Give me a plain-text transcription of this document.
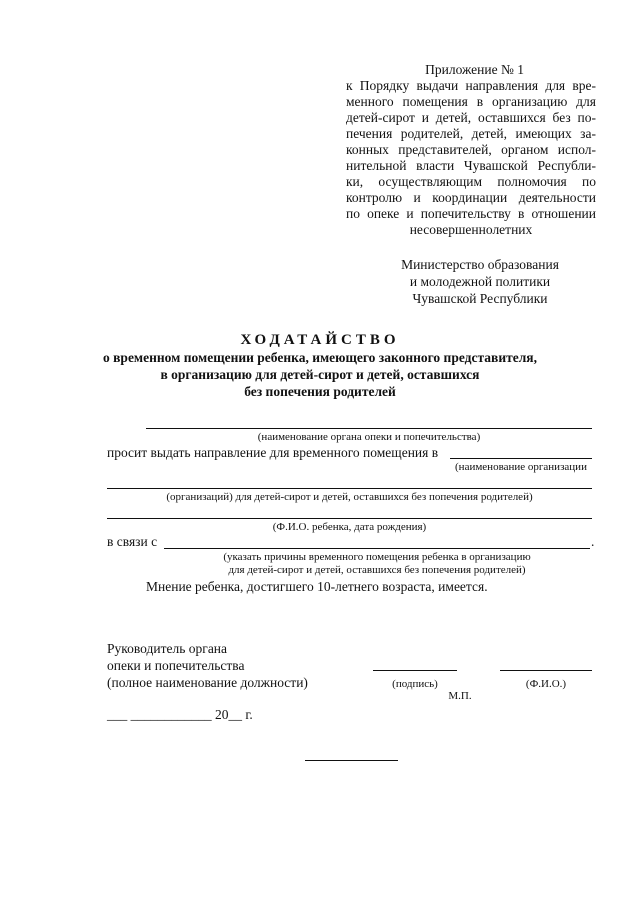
Приложение № 1
к Порядку выдачи направления для вре-
менного помещения в организацию для
детей-сирот и детей, оставшихся без по-
печения родителей, детей, имеющих за-
конных представителей, органом испол-
нительной власти Чувашской Республи-
ки, осуществляющим полномочия по
контролю и координации деятельности
по опеке и попечительству в отношении
несовершеннолетних
Министерство образования
и молодежной политики
Чувашской Республики
ХОДАТАЙСТВО
о временном помещении ребенка, имеющего законного представителя,
в организацию для детей-сирот и детей, оставшихся
без попечения родителей
(наименование органа опеки и попечительства)
просит выдать направление для временного помещения в
(наименование организации
(организаций) для детей-сирот и детей, оставшихся без попечения родителей)
(Ф.И.О. ребенка, дата рождения)
в связи с	.
(указать причины временного помещения ребенка в организацию
для детей-сирот и детей, оставшихся без попечения родителей)
Мнение ребенка, достигшего 10-летнего возраста, имеется.
Руководитель органа
опеки и попечительства
(полное наименование должности)	(подпись)	(Ф.И.О.)
М.П.
___ ____________ 20__ г.
